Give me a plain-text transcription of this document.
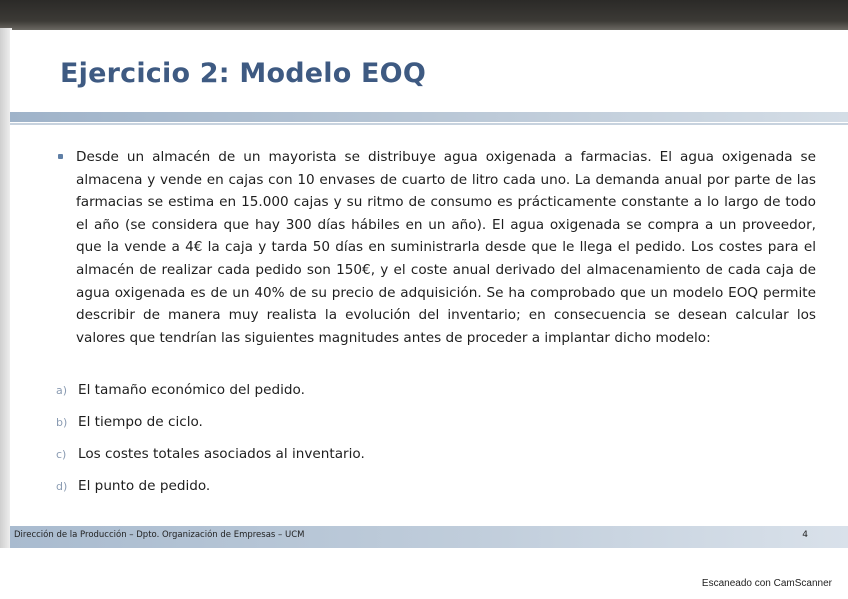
Ejercicio 2: Modelo EOQ

Desde un almacén de un mayorista se distribuye agua oxigenada a farmacias. El agua oxigenada se almacena y vende en cajas con 10 envases de cuarto de litro cada uno. La demanda anual por parte de las farmacias se estima en 15.000 cajas y su ritmo de consumo es prácticamente constante a lo largo de todo el año (se considera que hay 300 días hábiles en un año). El agua oxigenada se compra a un proveedor, que la vende a 4€ la caja y tarda 50 días en suministrarla desde que le llega el pedido. Los costes para el almacén de realizar cada pedido son 150€, y el coste anual derivado del almacenamiento de cada caja de agua oxigenada es de un 40% de su precio de adquisición. Se ha comprobado que un modelo EOQ permite describir de manera muy realista la evolución del inventario; en consecuencia se desean calcular los valores que tendrían las siguientes magnitudes antes de proceder a implantar dicho modelo:

a) El tamaño económico del pedido.
b) El tiempo de ciclo.
c) Los costes totales asociados al inventario.
d) El punto de pedido.
Dirección de la Producción – Dpto. Organización de Empresas – UCM	4
Escaneado con CamScanner
